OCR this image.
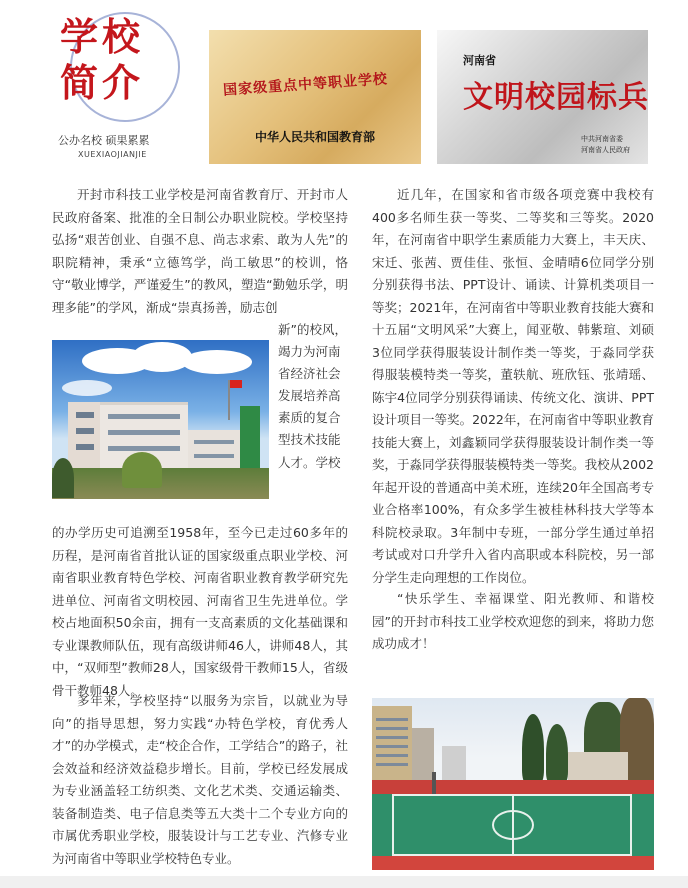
学校
简介
公办名校 硕果累累
XUEXIAOJIANJIE
国家级重点中等职业学校
中华人民共和国教育部
河南省
文明校园标兵
中共河南省委
河南省人民政府

开封市科技工业学校是河南省教育厅、开封市人民政府备案、批准的全日制公办职业院校。学校坚持弘扬“艰苦创业、自强不息、尚志求索、敢为人先”的职院精神，秉承“立德笃学，尚工敏思”的校训，恪守“敬业博学，严谨爱生”的教风，塑造“勤勉乐学，明理多能”的学风，渐成“崇真扬善，励志创

新”的校风，竭力为河南省经济社会发展培养高素质的复合型技术技能人才。学校

的办学历史可追溯至1958年，至今已走过60多年的历程，是河南省首批认证的国家级重点职业学校、河南省职业教育特色学校、河南省职业教育教学研究先进单位、河南省文明校园、河南省卫生先进单位。学校占地面积50余亩，拥有一支高素质的文化基础课和专业课教师队伍，现有高级讲师46人，讲师48人，其中，“双师型”教师28人，国家级骨干教师15人，省级骨干教师48人。

多年来，学校坚持“以服务为宗旨，以就业为导向”的指导思想，努力实践“办特色学校，育优秀人才”的办学模式，走“校企合作，工学结合”的路子，社会效益和经济效益稳步增长。目前，学校已经发展成为专业涵盖轻工纺织类、文化艺术类、交通运输类、装备制造类、电子信息类等五大类十二个专业方向的市属优秀职业学校，服装设计与工艺专业、汽修专业为河南省中等职业学校特色专业。

近几年，在国家和省市级各项竞赛中我校有400多名师生获一等奖、二等奖和三等奖。2020年，在河南省中职学生素质能力大赛上，丰天庆、宋迁、张茜、贾佳佳、张恒、金晴晴6位同学分别分别获得书法、PPT设计、诵读、计算机类项目一等奖；2021年，在河南省中等职业教育技能大赛和十五届“文明风采”大赛上，闻亚敬、韩紫瑄、刘硕3位同学获得服装设计制作类一等奖，于淼同学获得服装模特类一等奖，董轶航、班欣钰、张靖瑶、陈宇4位同学分别获得诵读、传统文化、演讲、PPT设计项目一等奖。2022年，在河南省中等职业教育技能大赛上，刘鑫颖同学获得服装设计制作类一等奖，于淼同学获得服装模特类一等奖。我校从2002年起开设的普通高中美术班，连续20年全国高考专业合格率100%，有众多学生被桂林科技大学等本科院校录取。3年制中专班，一部分学生通过单招考试或对口升学升入省内高职或本科院校，另一部分学生走向理想的工作岗位。

“快乐学生、幸福课堂、阳光教师、和谐校园”的开封市科技工业学校欢迎您的到来，将助力您成功成才！
